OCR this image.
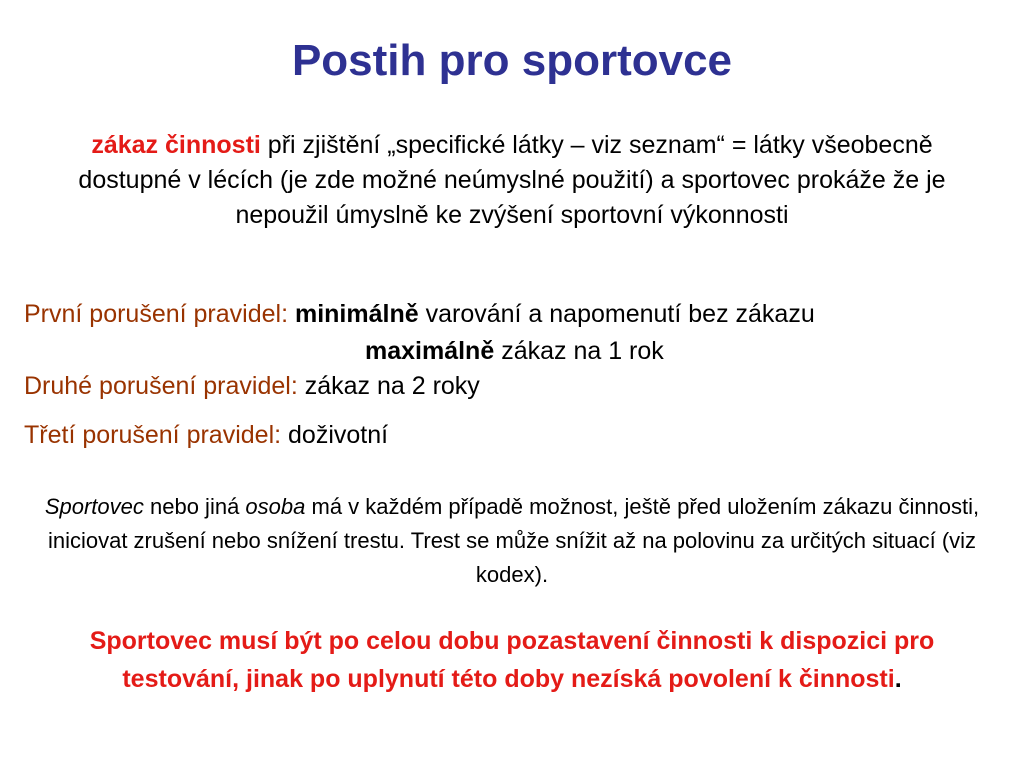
Postih pro sportovce
zákaz činnosti při zjištění „specifické látky – viz seznam“ = látky všeobecně dostupné v lécích (je zde možné neúmyslné použití) a sportovec prokáže že je nepoužil úmyslně ke zvýšení sportovní výkonnosti
První porušení pravidel: minimálně varování a napomenutí bez zákazu
maximálně zákaz na 1 rok
Druhé porušení pravidel: zákaz na 2 roky
Třetí porušení pravidel: doživotní
Sportovec nebo jiná osoba má v každém případě možnost, ještě před uložením zákazu činnosti, iniciovat zrušení nebo snížení trestu. Trest se může snížit až na polovinu za určitých situací (viz kodex).
Sportovec musí být po celou dobu pozastavení činnosti k dispozici pro testování, jinak po uplynutí této doby nezíská povolení k činnosti.
